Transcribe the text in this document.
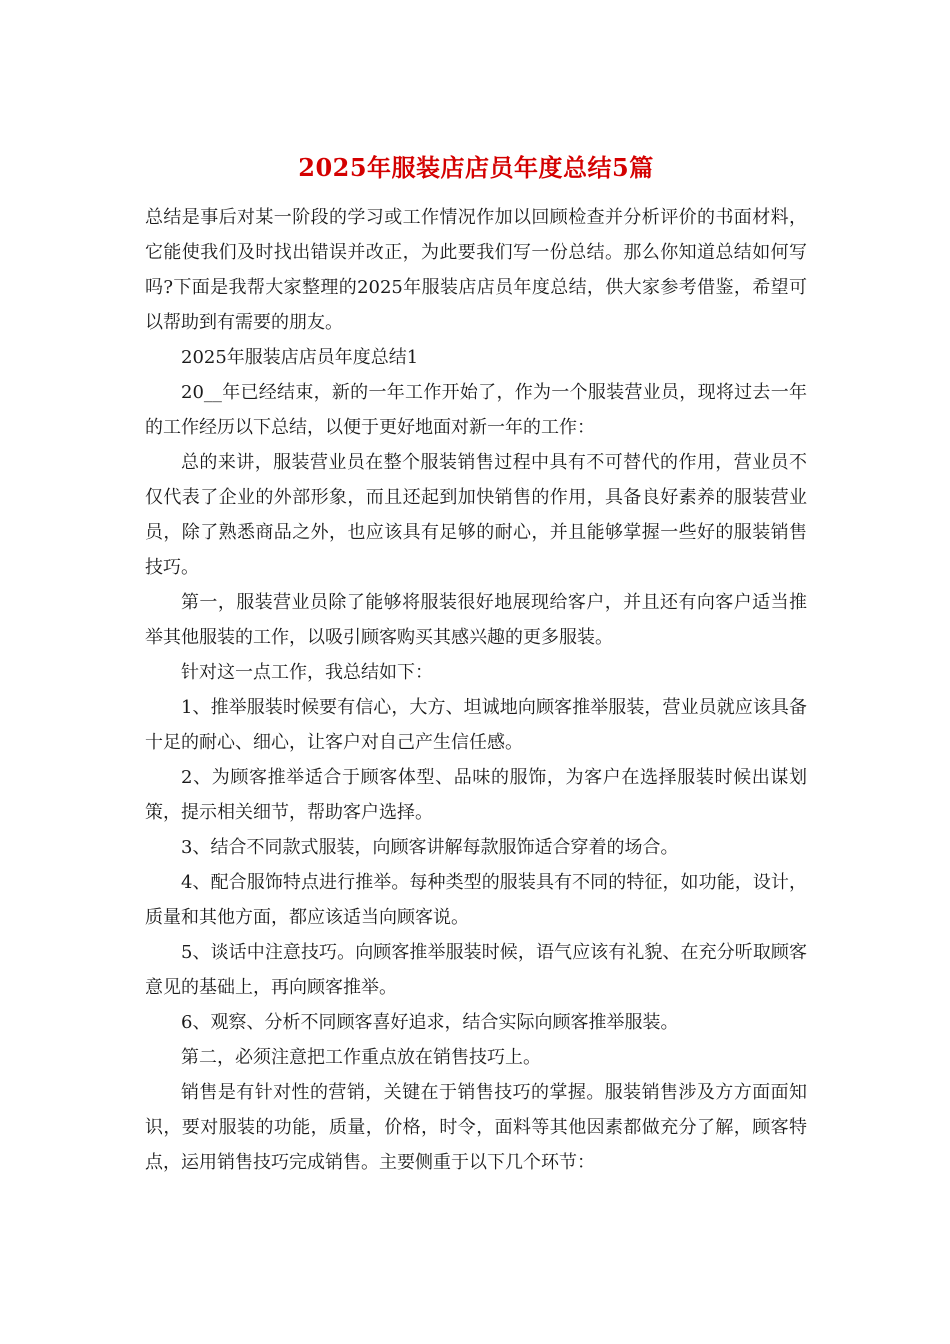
2025年服装店店员年度总结5篇

总结是事后对某一阶段的学习或工作情况作加以回顾检查并分析评价的书面材料，它能使我们及时找出错误并改正，为此要我们写一份总结。那么你知道总结如何写吗?下面是我帮大家整理的2025年服装店店员年度总结，供大家参考借鉴，希望可以帮助到有需要的朋友。

2025年服装店店员年度总结1

20__年已经结束，新的一年工作开始了，作为一个服装营业员，现将过去一年的工作经历以下总结，以便于更好地面对新一年的工作：

总的来讲，服装营业员在整个服装销售过程中具有不可替代的作用，营业员不仅代表了企业的外部形象，而且还起到加快销售的作用，具备良好素养的服装营业员，除了熟悉商品之外，也应该具有足够的耐心，并且能够掌握一些好的服装销售技巧。

第一，服装营业员除了能够将服装很好地展现给客户，并且还有向客户适当推举其他服装的工作，以吸引顾客购买其感兴趣的更多服装。

针对这一点工作，我总结如下：

1、推举服装时候要有信心，大方、坦诚地向顾客推举服装，营业员就应该具备十足的耐心、细心，让客户对自己产生信任感。

2、为顾客推举适合于顾客体型、品味的服饰，为客户在选择服装时候出谋划策，提示相关细节，帮助客户选择。

3、结合不同款式服装，向顾客讲解每款服饰适合穿着的场合。

4、配合服饰特点进行推举。每种类型的服装具有不同的特征，如功能，设计，质量和其他方面，都应该适当向顾客说。

5、谈话中注意技巧。向顾客推举服装时候，语气应该有礼貌、在充分听取顾客意见的基础上，再向顾客推举。

6、观察、分析不同顾客喜好追求，结合实际向顾客推举服装。

第二，必须注意把工作重点放在销售技巧上。

销售是有针对性的营销，关键在于销售技巧的掌握。服装销售涉及方方面面知识，要对服装的功能，质量，价格，时令，面料等其他因素都做充分了解，顾客特点，运用销售技巧完成销售。主要侧重于以下几个环节：
